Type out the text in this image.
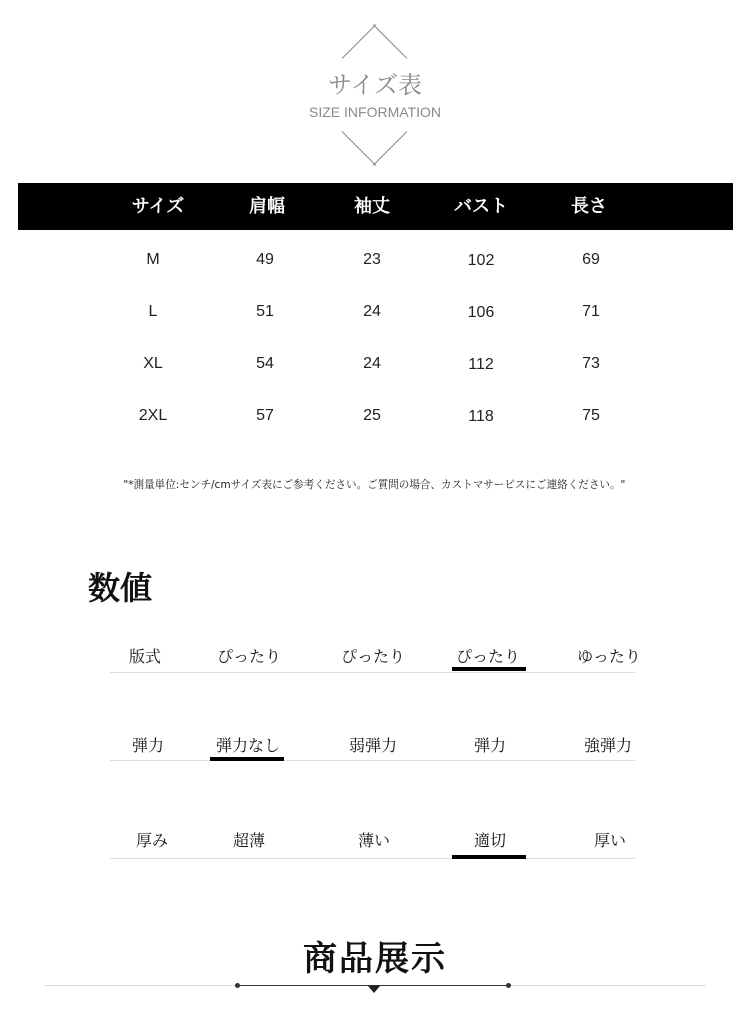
サイズ表
SIZE INFORMATION
サイズ	肩幅	袖丈	バスト	長さ
M	49	23	102	69
L	51	24	106	71
XL	54	24	112	73
2XL	57	25	118	75
"*測量単位:センチ/cmサイズ表にご参考ください。ご質問の場合、カストマサービスにご連絡ください。"
数値
版式	ぴったり	ぴったり	ぴったり	ゆったり
弾力	弾力なし	弱弾力	弾力	強弾力
厚み	超薄	薄い	適切	厚い
商品展示
